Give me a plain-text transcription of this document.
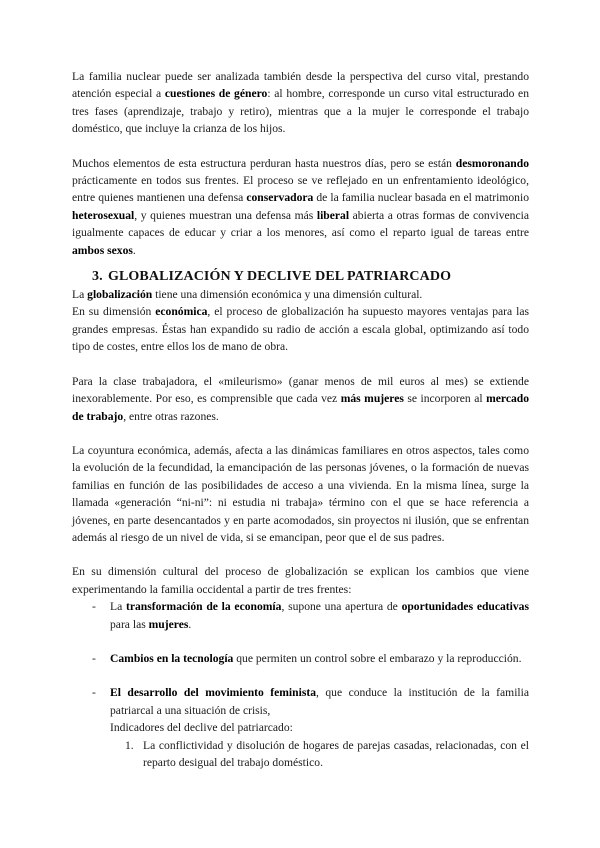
La familia nuclear puede ser analizada también desde la perspectiva del curso vital, prestando atención especial a cuestiones de género: al hombre, corresponde un curso vital estructurado en tres fases (aprendizaje, trabajo y retiro), mientras que a la mujer le corresponde el trabajo doméstico, que incluye la crianza de los hijos.

Muchos elementos de esta estructura perduran hasta nuestros días, pero se están desmoronando prácticamente en todos sus frentes. El proceso se ve reflejado en un enfrentamiento ideológico, entre quienes mantienen una defensa conservadora de la familia nuclear basada en el matrimonio heterosexual, y quienes muestran una defensa más liberal abierta a otras formas de convivencia igualmente capaces de educar y criar a los menores, así como el reparto igual de tareas entre ambos sexos.

3. GLOBALIZACIÓN Y DECLIVE DEL PATRIARCADO

La globalización tiene una dimensión económica y una dimensión cultural.

En su dimensión económica, el proceso de globalización ha supuesto mayores ventajas para las grandes empresas. Éstas han expandido su radio de acción a escala global, optimizando así todo tipo de costes, entre ellos los de mano de obra.

Para la clase trabajadora, el «mileurismo» (ganar menos de mil euros al mes) se extiende inexorablemente. Por eso, es comprensible que cada vez más mujeres se incorporen al mercado de trabajo, entre otras razones.

La coyuntura económica, además, afecta a las dinámicas familiares en otros aspectos, tales como la evolución de la fecundidad, la emancipación de las personas jóvenes, o la formación de nuevas familias en función de las posibilidades de acceso a una vivienda. En la misma línea, surge la llamada «generación “ni-ni”: ni estudia ni trabaja» término con el que se hace referencia a jóvenes, en parte desencantados y en parte acomodados, sin proyectos ni ilusión, que se enfrentan además al riesgo de un nivel de vida, si se emancipan, peor que el de sus padres.

En su dimensión cultural del proceso de globalización se explican los cambios que viene experimentando la familia occidental a partir de tres frentes:

-	La transformación de la economía, supone una apertura de oportunidades educativas para las mujeres.
-	Cambios en la tecnología que permiten un control sobre el embarazo y la reproducción.
-	El desarrollo del movimiento feminista, que conduce la institución de la familia patriarcal a una situación de crisis,
Indicadores del declive del patriarcado:
1. La conflictividad y disolución de hogares de parejas casadas, relacionadas, con el reparto desigual del trabajo doméstico.
